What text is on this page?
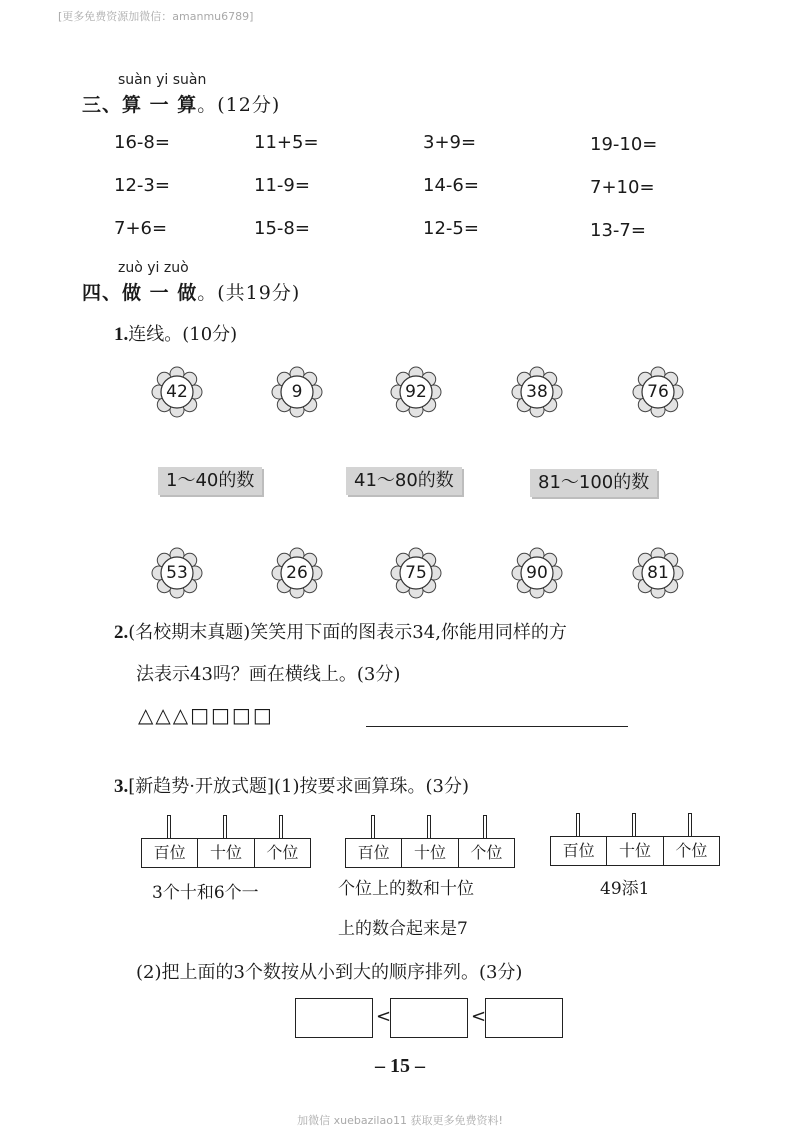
[更多免费资源加微信：amanmu6789]
suàn yi suàn
三、算 一 算。(12分)
16-8=	11+5=	3+9=	19-10=
12-3=	11-9=	14-6=	7+10=
7+6=	15-8=	12-5=	13-7=
zuò yi zuò
四、做 一 做。(共19分)
1.连线。(10分)
42	9	92	38	76
1～40的数	41～80的数	81～100的数
53	26	75	90	81
2.(名校期末真题)笑笑用下面的图表示34,你能用同样的方
法表示43吗？画在横线上。(3分)
△△△□□□□
3.[新趋势·开放式题](1)按要求画算珠。(3分)
百位	十位	个位
3个十和6个一
百位	十位	个位
个位上的数和十位
上的数合起来是7
百位	十位	个位
49添1
(2)把上面的3个数按从小到大的顺序排列。(3分)
<	<
– 15 –
加微信 xuebazilao11 获取更多免费资料!
